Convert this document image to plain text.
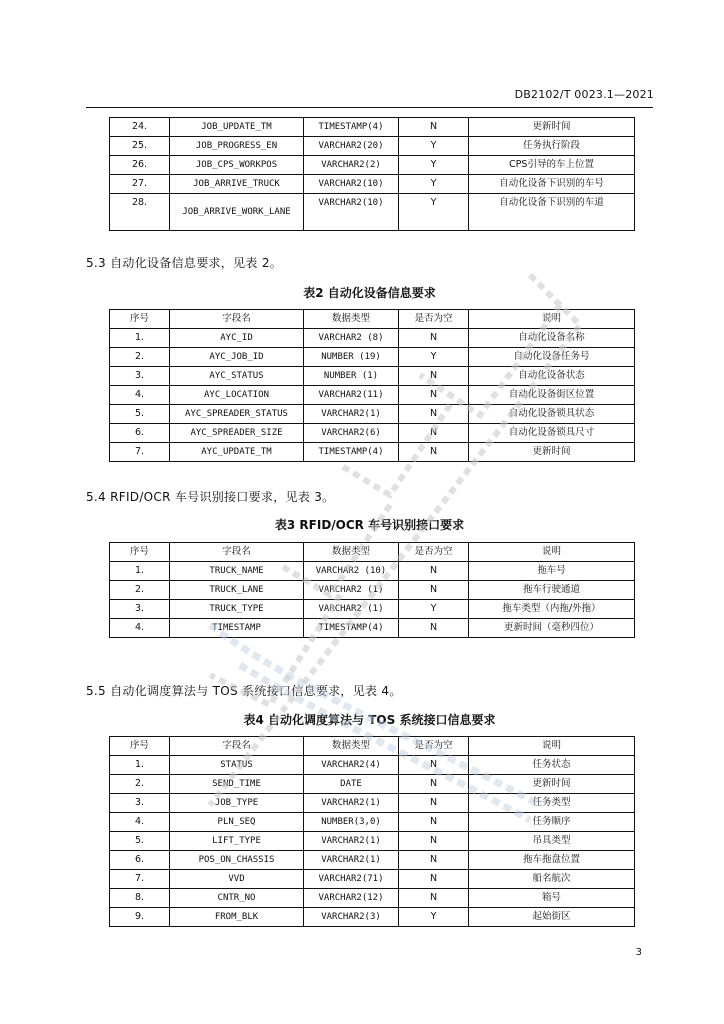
DB2102/T 0023.1—2021
24.	JOB_UPDATE_TM	TIMESTAMP(4)	N	更新时间
25.	JOB_PROGRESS_EN	VARCHAR2(20)	Y	任务执行阶段
26.	JOB_CPS_WORKPOS	VARCHAR2(2)	Y	CPS引导的车上位置
27.	JOB_ARRIVE_TRUCK	VARCHAR2(10)	Y	自动化设备下识别的车号
28.	JOB_ARRIVE_WORK_LANE	VARCHAR2(10)	Y	自动化设备下识别的车道
5.3 自动化设备信息要求，见表 2。
表2 自动化设备信息要求
序号	字段名	数据类型	是否为空	说明
1.	AYC_ID	VARCHAR2 (8)	N	自动化设备名称
2.	AYC_JOB_ID	NUMBER (19)	Y	自动化设备任务号
3.	AYC_STATUS	NUMBER (1)	N	自动化设备状态
4.	AYC_LOCATION	VARCHAR2(11)	N	自动化设备街区位置
5.	AYC_SPREADER_STATUS	VARCHAR2(1)	N	自动化设备锁具状态
6.	AYC_SPREADER_SIZE	VARCHAR2(6)	N	自动化设备锁具尺寸
7.	AYC_UPDATE_TM	TIMESTAMP(4)	N	更新时间
5.4 RFID/OCR 车号识别接口要求，见表 3。
表3 RFID/OCR 车号识别接口要求
序号	字段名	数据类型	是否为空	说明
1.	TRUCK_NAME	VARCHAR2 (10)	N	拖车号
2.	TRUCK_LANE	VARCHAR2 (1)	N	拖车行驶通道
3.	TRUCK_TYPE	VARCHAR2 (1)	Y	拖车类型（内拖/外拖）
4.	TIMESTAMP	TIMESTAMP(4)	N	更新时间（毫秒四位）
5.5 自动化调度算法与 TOS 系统接口信息要求，见表 4。
表4 自动化调度算法与 TOS 系统接口信息要求
序号	字段名	数据类型	是否为空	说明
1.	STATUS	VARCHAR2(4)	N	任务状态
2.	SEND_TIME	DATE	N	更新时间
3.	JOB_TYPE	VARCHAR2(1)	N	任务类型
4.	PLN_SEQ	NUMBER(3,0)	N	任务顺序
5.	LIFT_TYPE	VARCHAR2(1)	N	吊具类型
6.	POS_ON_CHASSIS	VARCHAR2(1)	N	拖车拖盘位置
7.	VVD	VARCHAR2(71)	N	船名航次
8.	CNTR_NO	VARCHAR2(12)	N	箱号
9.	FROM_BLK	VARCHAR2(3)	Y	起始街区
3
